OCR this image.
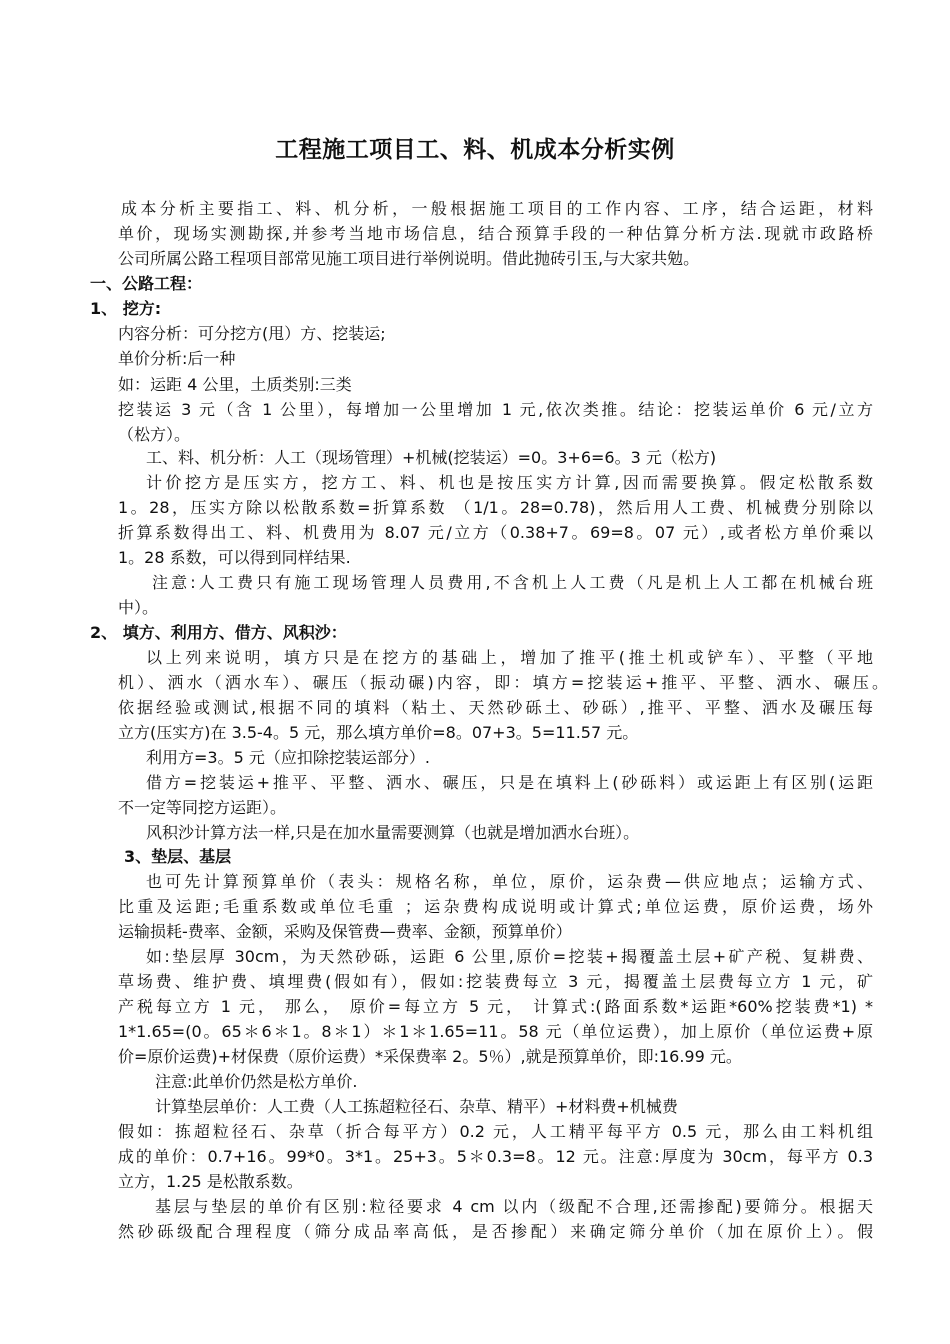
工程施工项目工、料、机成本分析实例
成本分析主要指工、料、机分析，一般根据施工项目的工作内容、工序，结合运距，材料
单价，现场实测勘探,并参考当地市场信息，结合预算手段的一种估算分析方法.现就市政路桥
公司所属公路工程项目部常见施工项目进行举例说明。借此抛砖引玉,与大家共勉。
一、公路工程：
1、 挖方:
内容分析：可分挖方(甩）方、挖装运;
单价分析:后一种
如：运距 4 公里，土质类别:三类
挖装运 3 元（含 1 公里），每增加一公里增加 1 元,依次类推。结论：挖装运单价 6 元/立方
（松方）。
工、料、机分析：人工（现场管理）+机械(挖装运）=0。3+6=6。3 元（松方)
计价挖方是压实方，挖方工、料、机也是按压实方计算,因而需要换算。假定松散系数
1。28，压实方除以松散系数=折算系数 （1/1。28=0.78)，然后用人工费、机械费分别除以
折算系数得出工、料、机费用为 8.07 元/立方（0.38+7。69=8。07 元）,或者松方单价乘以
1。28 系数，可以得到同样结果.
注意:人工费只有施工现场管理人员费用,不含机上人工费（凡是机上人工都在机械台班
中）。
2、 填方、利用方、借方、风积沙：
以上列来说明，填方只是在挖方的基础上，增加了推平(推土机或铲车）、平整（平地
机）、洒水（洒水车）、碾压（振动碾)内容，即：填方=挖装运+推平、平整、洒水、碾压。
依据经验或测试,根据不同的填料（粘土、天然砂砾土、砂砾）,推平、平整、洒水及碾压每
立方(压实方)在 3.5-4。5 元，那么填方单价=8。07+3。5=11.57 元。
利用方=3。5 元（应扣除挖装运部分）.
借方=挖装运+推平、平整、洒水、碾压，只是在填料上(砂砾料）或运距上有区别(运距
不一定等同挖方运距）。
风积沙计算方法一样,只是在加水量需要测算（也就是增加洒水台班）。
3、垫层、基层
也可先计算预算单价（表头：规格名称，单位，原价，运杂费—供应地点；运输方式、
比重及运距;毛重系数或单位毛重 ；运杂费构成说明或计算式;单位运费，原价运费，场外
运输损耗-费率、金额，采购及保管费—费率、金额，预算单价）
如:垫层厚 30cm，为天然砂砾，运距 6 公里,原价=挖装+揭覆盖土层+矿产税、复耕费、
草场费、维护费、填埋费(假如有），假如:挖装费每立 3 元，揭覆盖土层费每立方 1 元，矿
产税每立方 1 元， 那么， 原价=每立方 5 元， 计算式:(路面系数*运距*60%挖装费*1) *
1*1.65=(0。65＊6＊1。8＊1）＊1＊1.65=11。58 元（单位运费），加上原价（单位运费+原
价=原价运费)+材保费（原价运费）*采保费率 2。5％）,就是预算单价，即:16.99 元。
注意:此单价仍然是松方单价.
计算垫层单价：人工费（人工拣超粒径石、杂草、精平）+材料费+机械费
假如：拣超粒径石、杂草（折合每平方）0.2 元，人工精平每平方 0.5 元，那么由工料机组
成的单价：0.7+16。99*0。3*1。25+3。5＊0.3=8。12 元。注意:厚度为 30cm，每平方 0.3
立方，1.25 是松散系数。
基层与垫层的单价有区别:粒径要求 4 cm 以内（级配不合理,还需掺配)要筛分。根据天
然砂砾级配合理程度（筛分成品率高低，是否掺配）来确定筛分单价（加在原价上）。假
